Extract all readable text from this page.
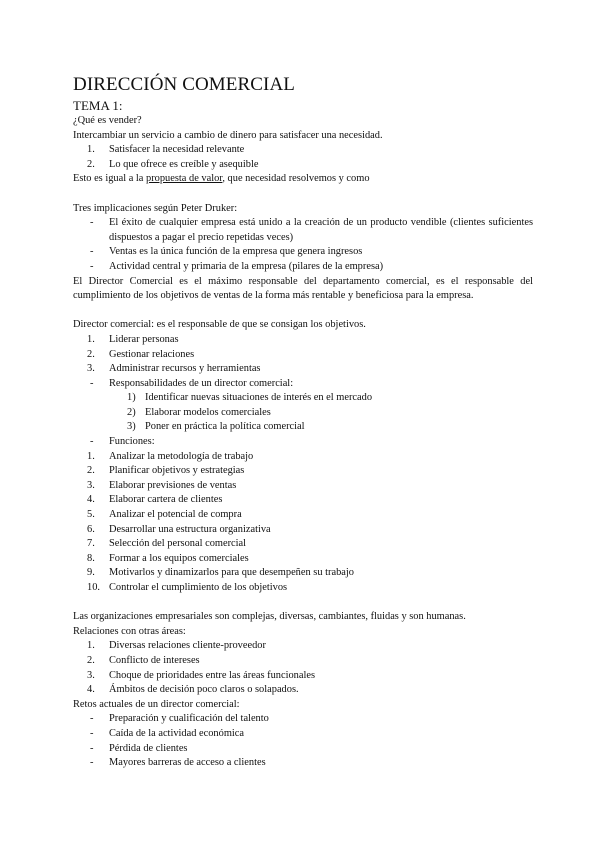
DIRECCIÓN COMERCIAL

TEMA 1:

¿Qué es vender?

Intercambiar un servicio a cambio de dinero para satisfacer una necesidad.

1.	Satisfacer la necesidad relevante
2.	Lo que ofrece es creíble y asequible

Esto es igual a la propuesta de valor, que necesidad resolvemos y como

Tres implicaciones según Peter Druker:

- El éxito de cualquier empresa está unido a la creación de un producto vendible (clientes suficientes dispuestos a pagar el precio repetidas veces)
- Ventas es la única función de la empresa que genera ingresos
- Actividad central y primaria de la empresa (pilares de la empresa)

El Director Comercial es el máximo responsable del departamento comercial, es el responsable del cumplimiento de los objetivos de ventas de la forma más rentable y beneficiosa para la empresa.

Director comercial: es el responsable de que se consigan los objetivos.

1.	Liderar personas
2.	Gestionar relaciones
3.	Administrar recursos y herramientas
- Responsabilidades de un director comercial:
1) Identificar nuevas situaciones de interés en el mercado
2) Elaborar modelos comerciales
3) Poner en práctica la política comercial
- Funciones:
1.	Analizar la metodología de trabajo
2.	Planificar objetivos y estrategias
3.	Elaborar previsiones de ventas
4.	Elaborar cartera de clientes
5.	Analizar el potencial de compra
6.	Desarrollar una estructura organizativa
7.	Selección del personal comercial
8.	Formar a los equipos comerciales
9.	Motivarlos y dinamizarlos para que desempeñen su trabajo
10. Controlar el cumplimiento de los objetivos

Las organizaciones empresariales son complejas, diversas, cambiantes, fluidas y son humanas.

Relaciones con otras áreas:

1.	Diversas relaciones cliente-proveedor
2.	Conflicto de intereses
3.	Choque de prioridades entre las áreas funcionales
4.	Ámbitos de decisión poco claros o solapados.

Retos actuales de un director comercial:

- Preparación y cualificación del talento
- Caída de la actividad económica
- Pérdida de clientes
- Mayores barreras de acceso a clientes
